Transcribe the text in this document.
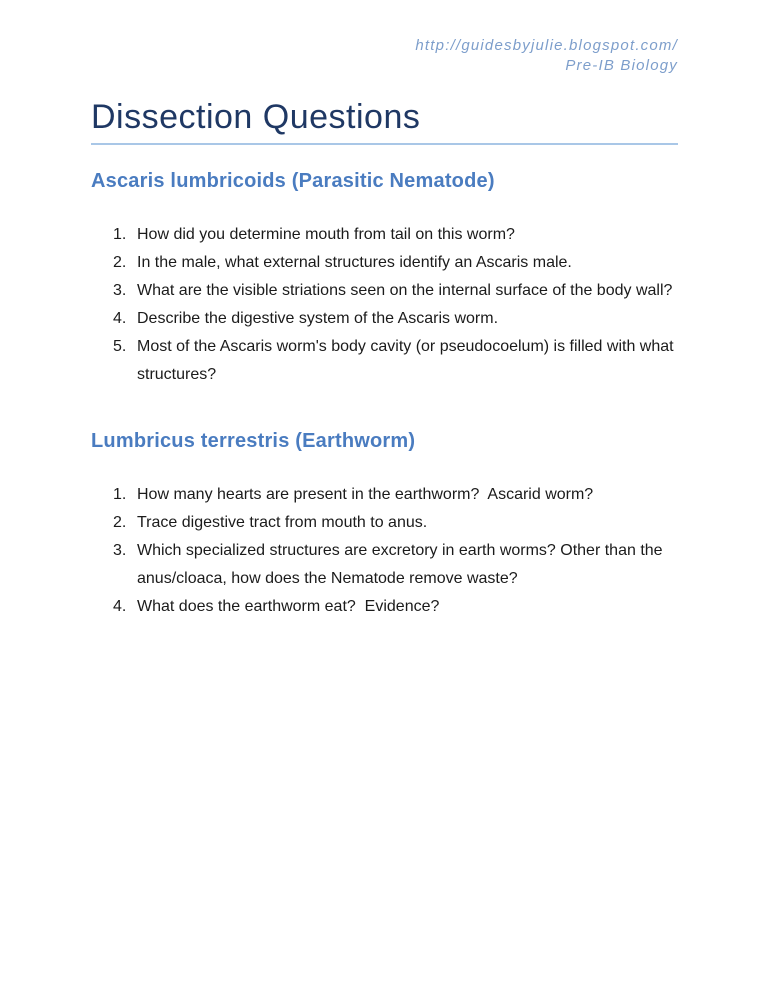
http://guidesbyjulie.blogspot.com/
Pre-IB Biology
Dissection Questions
Ascaris lumbricoids (Parasitic Nematode)
1. How did you determine mouth from tail on this worm?
2. In the male, what external structures identify an Ascaris male.
3. What are the visible striations seen on the internal surface of the body wall?
4. Describe the digestive system of the Ascaris worm.
5. Most of the Ascaris worm's body cavity (or pseudocoelum) is filled with what structures?
Lumbricus terrestris (Earthworm)
1. How many hearts are present in the earthworm?  Ascarid worm?
2. Trace digestive tract from mouth to anus.
3. Which specialized structures are excretory in earth worms? Other than the anus/cloaca, how does the Nematode remove waste?
4. What does the earthworm eat?  Evidence?
